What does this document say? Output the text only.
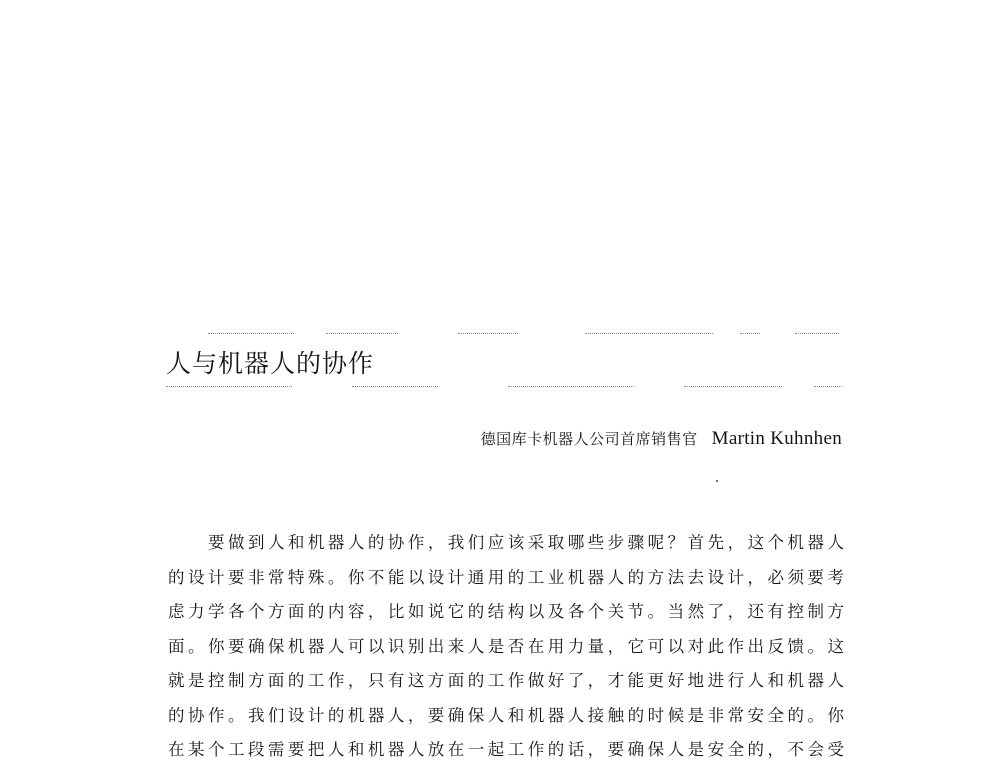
人与机器人的协作
德国库卡机器人公司首席销售官 Martin Kuhnhen
要做到人和机器人的协作，我们应该采取哪些步骤呢？首先，这个机器人
的设计要非常特殊。你不能以设计通用的工业机器人的方法去设计，必须要考
虑力学各个方面的内容，比如说它的结构以及各个关节。当然了，还有控制方
面。你要确保机器人可以识别出来人是否在用力量，它可以对此作出反馈。这
就是控制方面的工作，只有这方面的工作做好了，才能更好地进行人和机器人
的协作。我们设计的机器人，要确保人和机器人接触的时候是非常安全的。你
在某个工段需要把人和机器人放在一起工作的话，要确保人是安全的，不会受
